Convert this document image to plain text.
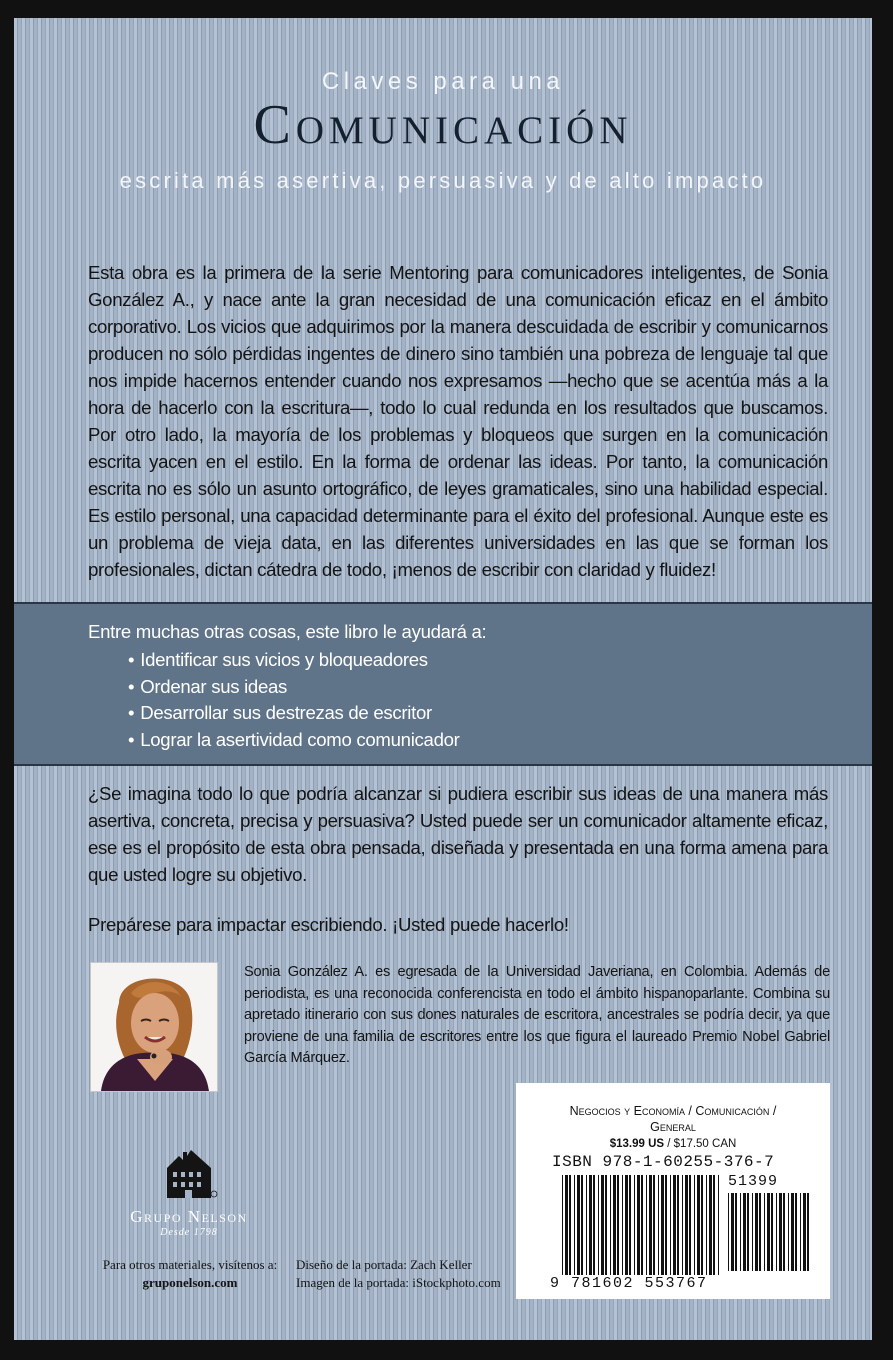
Claves para una
Comunicación
escrita más asertiva, persuasiva y de alto impacto
Esta obra es la primera de la serie Mentoring para comunicadores inteligentes, de Sonia González A., y nace ante la gran necesidad de una comunicación eficaz en el ámbito corporativo. Los vicios que adquirimos por la manera descuidada de escribir y comunicarnos producen no sólo pérdidas ingentes de dinero sino también una pobreza de lenguaje tal que nos impide hacernos entender cuando nos expresamos —hecho que se acentúa más a la hora de hacerlo con la escritura—, todo lo cual redunda en los resultados que buscamos. Por otro lado, la mayoría de los problemas y bloqueos que surgen en la comunicación escrita yacen en el estilo. En la forma de ordenar las ideas. Por tanto, la comunicación escrita no es sólo un asunto ortográfico, de leyes gramaticales, sino una habilidad especial. Es estilo personal, una capacidad determinante para el éxito del profesional. Aunque este es un problema de vieja data, en las diferentes universidades en las que se forman los profesionales, dictan cátedra de todo, ¡menos de escribir con claridad y fluidez!
Entre muchas otras cosas, este libro le ayudará a:
• Identificar sus vicios y bloqueadores
• Ordenar sus ideas
• Desarrollar sus destrezas de escritor
• Lograr la asertividad como comunicador
¿Se imagina todo lo que podría alcanzar si pudiera escribir sus ideas de una manera más asertiva, concreta, precisa y persuasiva? Usted puede ser un comunicador altamente eficaz, ese es el propósito de esta obra pensada, diseñada y presentada en una forma amena para que usted logre su objetivo.
Prepárese para impactar escribiendo. ¡Usted puede hacerlo!
Sonia González A. es egresada de la Universidad Javeriana, en Colombia. Además de periodista, es una reconocida conferencista en todo el ámbito hispanoparlante. Combina su apretado itinerario con sus dones naturales de escritora, ancestrales se podría decir, ya que proviene de una familia de escritores entre los que figura el laureado Premio Nobel Gabriel García Márquez.
Grupo Nelson
Desde 1798
Para otros materiales, visítenos a:
gruponelson.com
Diseño de la portada: Zach Keller
Imagen de la portada: iStockphoto.com
Negocios y Economía / Comunicación /
General
$13.99 US / $17.50 CAN
ISBN 978-1-60255-376-7
51399
9 781602 553767
